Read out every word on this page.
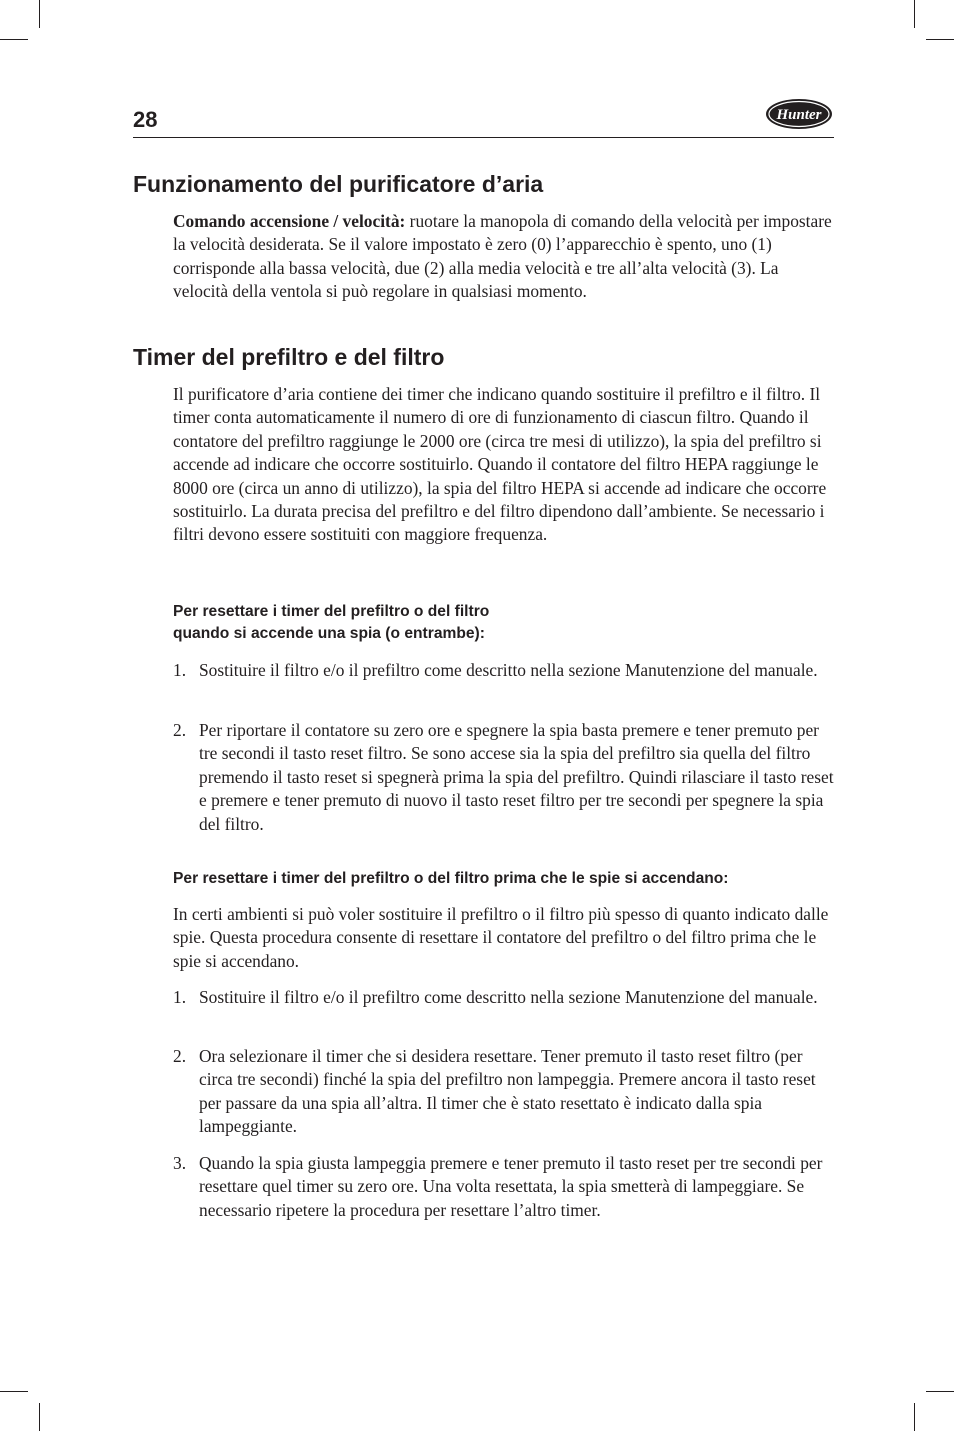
28	Hunter
Funzionamento del purificatore d’aria

Comando accensione / velocità: ruotare la manopola di comando della velocità per impostare la velocità desiderata. Se il valore impostato è zero (0) l’apparecchio è spento, uno (1) corrisponde alla bassa velocità, due (2) alla media velocità e tre all’alta velocità (3). La velocità della ventola si può regolare in qualsiasi momento.

Timer del prefiltro e del filtro

Il purificatore d’aria contiene dei timer che indicano quando sostituire il prefiltro e il filtro. Il timer conta automaticamente il numero di ore di funzionamento di ciascun filtro. Quando il contatore del prefiltro raggiunge le 2000 ore (circa tre mesi di utilizzo), la spia del prefiltro si accende ad indicare che occorre sostituirlo. Quando il contatore del filtro HEPA raggiunge le 8000 ore (circa un anno di utilizzo), la spia del filtro HEPA si accende ad indicare che occorre sostituirlo. La durata precisa del prefiltro e del filtro dipendono dall’ambiente. Se necessario i filtri devono essere sostituiti con maggiore frequenza.

Per resettare i timer del prefiltro o del filtro
quando si accende una spia (o entrambe):
1. Sostituire il filtro e/o il prefiltro come descritto nella sezione Manutenzione del manuale.
2. Per riportare il contatore su zero ore e spegnere la spia basta premere e tener premuto per tre secondi il tasto reset filtro. Se sono accese sia la spia del prefiltro sia quella del filtro premendo il tasto reset si spegnerà prima la spia del prefiltro. Quindi rilasciare il tasto reset e premere e tener premuto di nuovo il tasto reset filtro per tre secondi per spegnere la spia del filtro.
Per resettare i timer del prefiltro o del filtro prima che le spie si accendano:

In certi ambienti si può voler sostituire il prefiltro o il filtro più spesso di quanto indicato dalle spie. Questa procedura consente di resettare il contatore del prefiltro o del filtro prima che le spie si accendano.

1. Sostituire il filtro e/o il prefiltro come descritto nella sezione Manutenzione del manuale.
2. Ora selezionare il timer che si desidera resettare. Tener premuto il tasto reset filtro (per circa tre secondi) finché la spia del prefiltro non lampeggia. Premere ancora il tasto reset per passare da una spia all’altra. Il timer che è stato resettato è indicato dalla spia lampeggiante.
3. Quando la spia giusta lampeggia premere e tener premuto il tasto reset per tre secondi per resettare quel timer su zero ore. Una volta resettata, la spia smetterà di lampeggiare. Se necessario ripetere la procedura per resettare l’altro timer.
